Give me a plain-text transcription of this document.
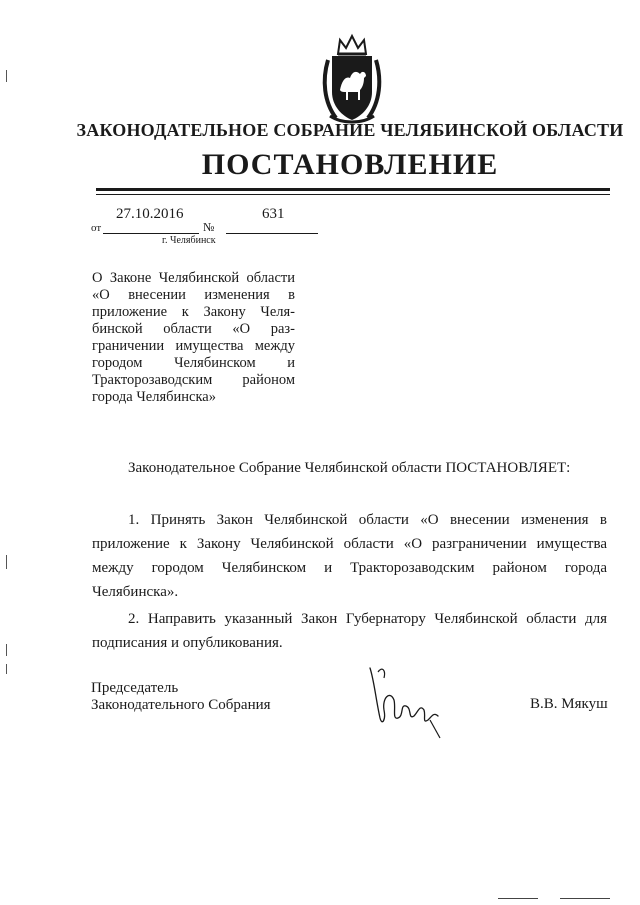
ЗАКОНОДАТЕЛЬНОЕ СОБРАНИЕ ЧЕЛЯБИНСКОЙ ОБЛАСТИ
ПОСТАНОВЛЕНИЕ
от
27.10.2016
№
631
г. Челябинск
О Законе Челябинской области
«О внесении изменения в
приложение к Закону Челя-
бинской области «О раз-
граничении имущества между
городом Челябинском и
Тракторозаводским районом
города Челябинска»
Законодательное Собрание Челябинской области ПОСТАНОВЛЯЕТ:

1. Принять Закон Челябинской области «О внесении изменения в приложение к Закону Челябинской области «О разграничении имущества между городом Челябинском и Тракторозаводским районом города Челябинска».

2. Направить указанный Закон Губернатору Челябинской области для подписания и опубликования.

Председатель
Законодательного Собрания	В.В. Мякуш
